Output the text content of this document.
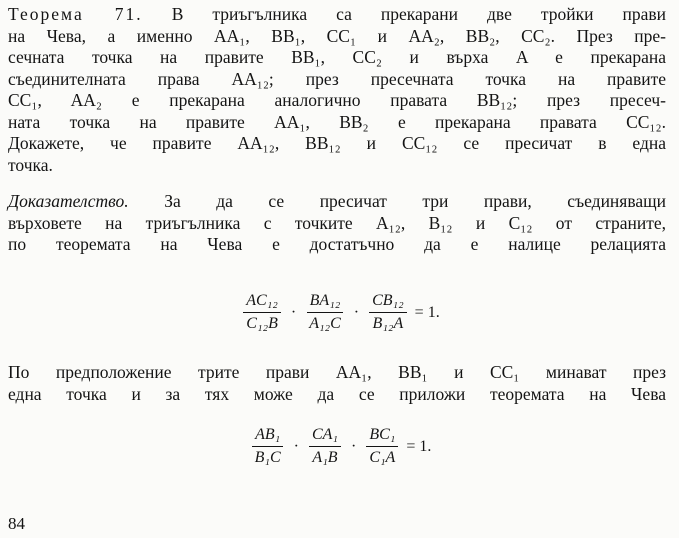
Теорема 71. В триъгълника са прекарани две тройки прави
на Чева, а именно AA₁, BB₁, CC₁ и AA₂, BB₂, CC₂. През пре-
сечната точка на правите BB₁, CC₂ и върха A е прекарана
съединителната права AA₁₂; през пресечната точка на правите
CC₁, AA₂ е прекарана аналогично правата BB₁₂; през пресеч-
ната точка на правите AA₁, BB₂ е прекарана правата CC₁₂.
Докажете, че правите AA₁₂, BB₁₂ и CC₁₂ се пресичат в една
точка.
Доказателство. За да се пресичат три прави, съединяващи
върховете на триъгълника с точките A₁₂, B₁₂ и C₁₂ от страните,
по теоремата на Чева е достатъчно да е налице релацията
$\frac{\text{AC₁₂}}{\text{C₁₂B}} \cdot \frac{\text{BA₁₂}}{\text{A₁₂C}} \cdot \frac{\text{CB₁₂}}{\text{B₁₂A}} = 1$.
По предположение трите прави AA₁, BB₁ и CC₁ минават през
една точка и за тях може да се приложи теоремата на Чева
$\frac{\text{AB₁}}{\text{B₁C}} \cdot \frac{\text{CA₁}}{\text{A₁B}} \cdot \frac{\text{BC₁}}{\text{C₁A}} = 1$.
84
